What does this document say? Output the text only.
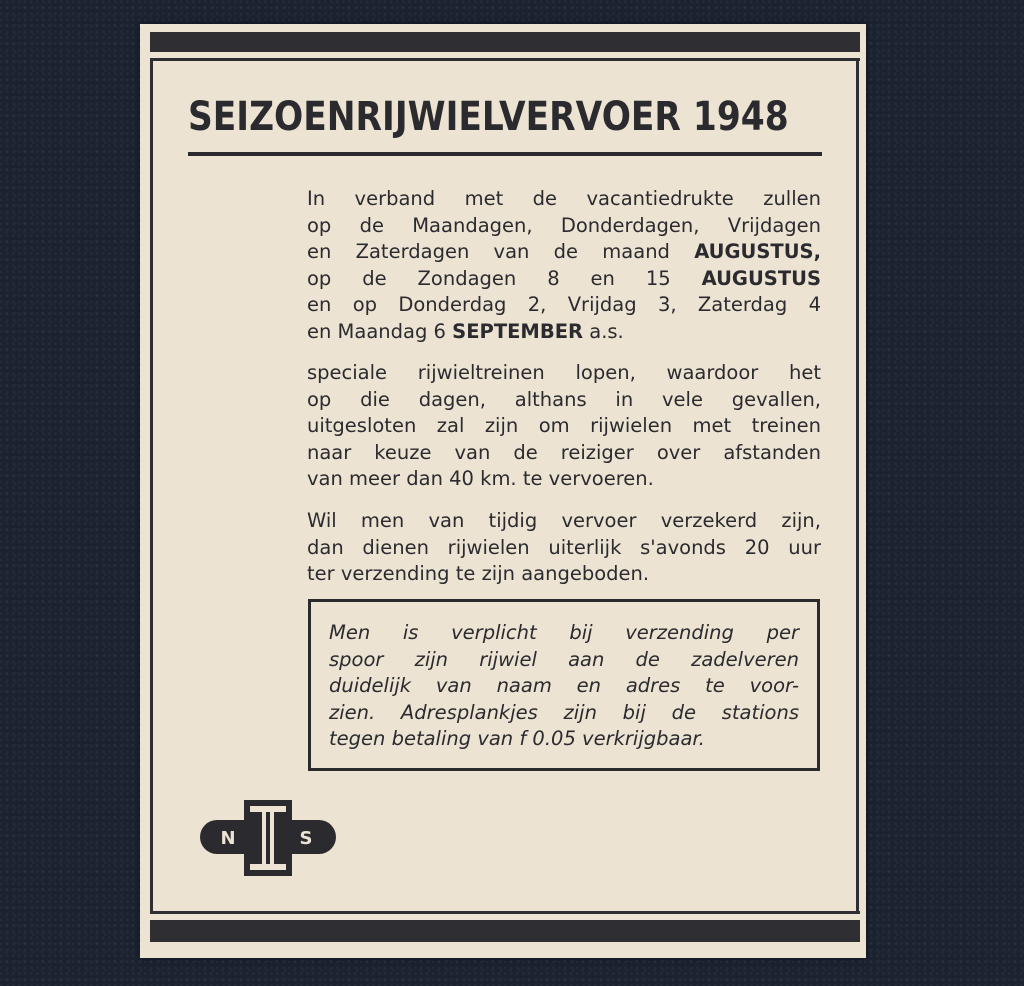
SEIZOENRIJWIELVERVOER 1948
In verband met de vacantiedrukte zullen
op de Maandagen, Donderdagen, Vrijdagen
en Zaterdagen van de maand AUGUSTUS,
op de Zondagen 8 en 15 AUGUSTUS
en op Donderdag 2, Vrijdag 3, Zaterdag 4
en Maandag 6 SEPTEMBER a.s.
speciale rijwieltreinen lopen, waardoor het
op die dagen, althans in vele gevallen,
uitgesloten zal zijn om rijwielen met treinen
naar keuze van de reiziger over afstanden
van meer dan 40 km. te vervoeren.
Wil men van tijdig vervoer verzekerd zijn,
dan dienen rijwielen uiterlijk s'avonds 20 uur
ter verzending te zijn aangeboden.
Men is verplicht bij verzending per
spoor zijn rijwiel aan de zadelveren
duidelijk van naam en adres te voor-
zien. Adresplankjes zijn bij de stations
tegen betaling van f 0.05 verkrijgbaar.
N	S
